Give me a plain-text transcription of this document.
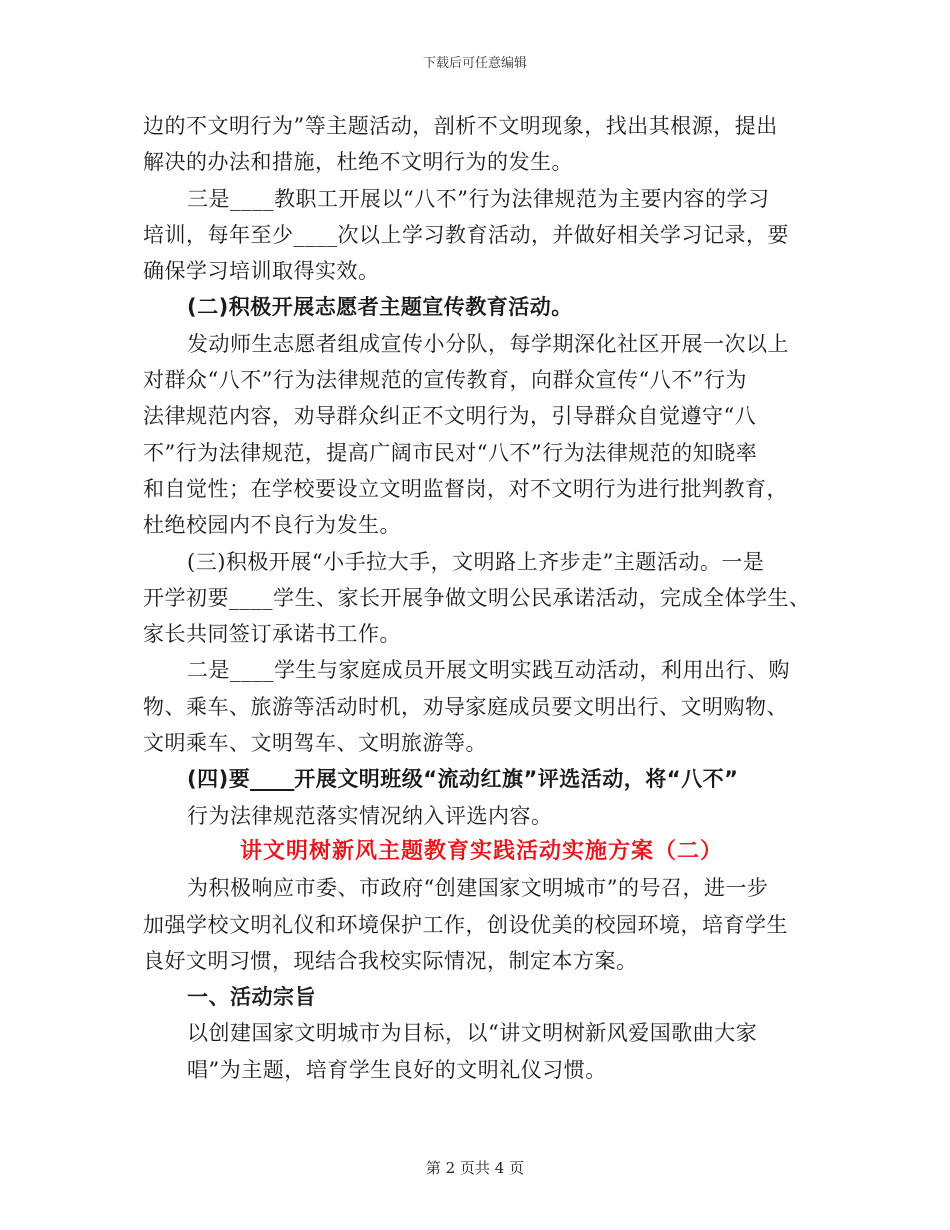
下载后可任意编辑
边的不文明行为”等主题活动，剖析不文明现象，找出其根源，提出
解决的办法和措施，杜绝不文明行为的发生。
三是____教职工开展以“八不”行为法律规范为主要内容的学习
培训，每年至少____次以上学习教育活动，并做好相关学习记录，要
确保学习培训取得实效。
(二)积极开展志愿者主题宣传教育活动。
发动师生志愿者组成宣传小分队，每学期深化社区开展一次以上
对群众“八不”行为法律规范的宣传教育，向群众宣传“八不”行为
法律规范内容，劝导群众纠正不文明行为，引导群众自觉遵守“八
不”行为法律规范，提高广阔市民对“八不”行为法律规范的知晓率
和自觉性；在学校要设立文明监督岗，对不文明行为进行批判教育，
杜绝校园内不良行为发生。
(三)积极开展“小手拉大手，文明路上齐步走”主题活动。一是
开学初要____学生、家长开展争做文明公民承诺活动，完成全体学生、
家长共同签订承诺书工作。
二是____学生与家庭成员开展文明实践互动活动，利用出行、购
物、乘车、旅游等活动时机，劝导家庭成员要文明出行、文明购物、
文明乘车、文明驾车、文明旅游等。
(四)要____开展文明班级“流动红旗”评选活动，将“八不”
行为法律规范落实情况纳入评选内容。
讲文明树新风主题教育实践活动实施方案（二）
为积极响应市委、市政府“创建国家文明城市”的号召，进一步
加强学校文明礼仪和环境保护工作，创设优美的校园环境，培育学生
良好文明习惯，现结合我校实际情况，制定本方案。
一、活动宗旨
以创建国家文明城市为目标，以“讲文明树新风爱国歌曲大家
唱”为主题，培育学生良好的文明礼仪习惯。
第 2 页共 4 页
